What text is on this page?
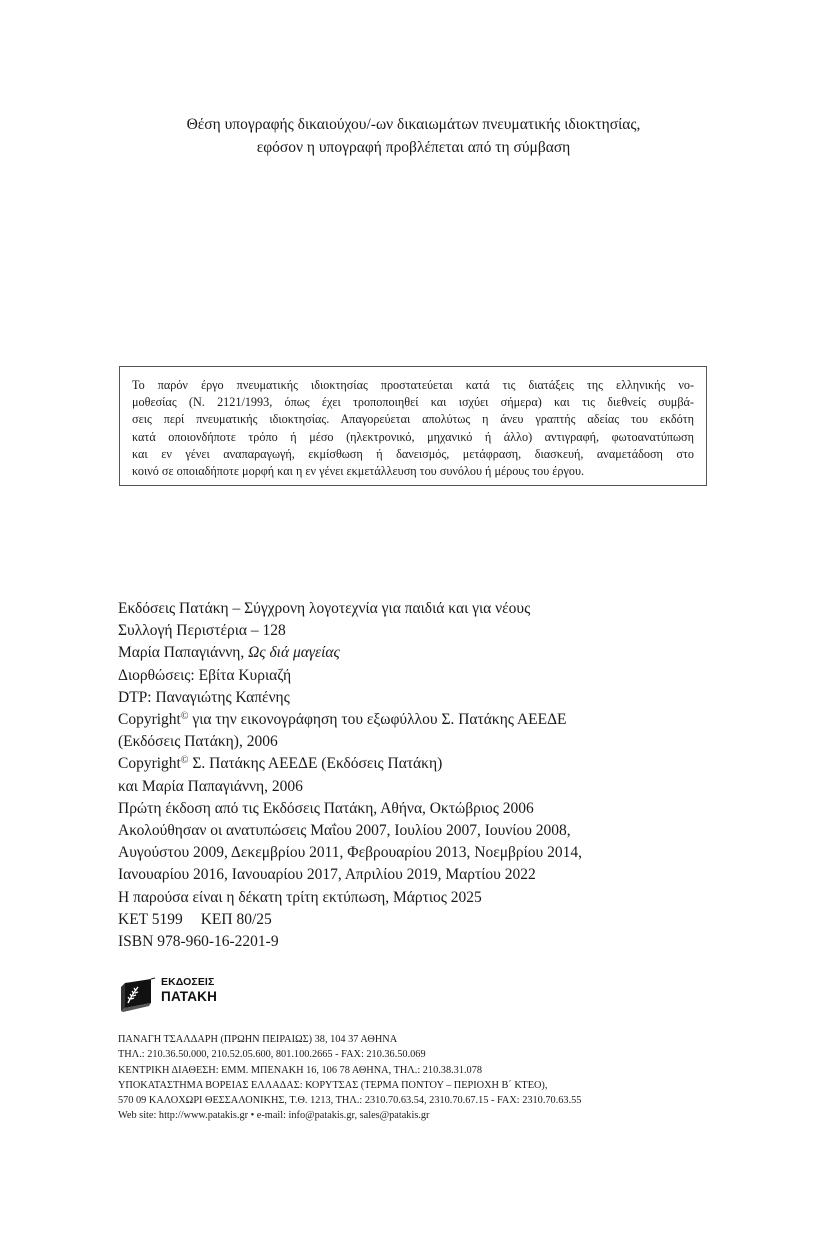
Θέση υπογραφής δικαιούχου/-ων δικαιωμάτων πνευματικής ιδιοκτησίας,
εφόσον η υπογραφή προβλέπεται από τη σύμβαση
Το παρόν έργο πνευματικής ιδιοκτησίας προστατεύεται κατά τις διατάξεις της ελληνικής νο-
μοθεσίας (Ν. 2121/1993, όπως έχει τροποποιηθεί και ισχύει σήμερα) και τις διεθνείς συμβά-
σεις περί πνευματικής ιδιοκτησίας. Απαγορεύεται απολύτως η άνευ γραπτής αδείας του εκδότη
κατά οποιονδήποτε τρόπο ή μέσο (ηλεκτρονικό, μηχανικό ή άλλο) αντιγραφή, φωτοανατύπωση
και εν γένει αναπαραγωγή, εκμίσθωση ή δανεισμός, μετάφραση, διασκευή, αναμετάδοση στο
κοινό σε οποιαδήποτε μορφή και η εν γένει εκμετάλλευση του συνόλου ή μέρους του έργου.
Εκδόσεις Πατάκη – Σύγχρονη λογοτεχνία για παιδιά και για νέους
Συλλογή Περιστέρια – 128
Μαρία Παπαγιάννη, Ως διά μαγείας
Διορθώσεις: Εβίτα Κυριαζή
DTP: Παναγιώτης Καπένης
Copyright© για την εικονογράφηση του εξωφύλλου Σ. Πατάκης ΑΕΕΔΕ
(Εκδόσεις Πατάκη), 2006
Copyright© Σ. Πατάκης ΑΕΕΔΕ (Εκδόσεις Πατάκη)
και Μαρία Παπαγιάννη, 2006
Πρώτη έκδοση από τις Εκδόσεις Πατάκη, Αθήνα, Οκτώβριος 2006
Ακολούθησαν οι ανατυπώσεις Μαΐου 2007, Ιουλίου 2007, Ιουνίου 2008,
Αυγούστου 2009, Δεκεμβρίου 2011, Φεβρουαρίου 2013, Νοεμβρίου 2014,
Ιανουαρίου 2016, Ιανουαρίου 2017, Απριλίου 2019, Μαρτίου 2022
Η παρούσα είναι η δέκατη τρίτη εκτύπωση, Μάρτιος 2025
ΚΕΤ 5199 ΚΕΠ 80/25
ISBN 978-960-16-2201-9
ΕΚΔΟΣΕΙΣ
ΠΑΤΑΚΗ
ΠΑΝΑΓΗ ΤΣΑΛΔΑΡΗ (ΠΡΩΗΝ ΠΕΙΡΑΙΩΣ) 38, 104 37 ΑΘΗΝΑ
ΤΗΛ.: 210.36.50.000, 210.52.05.600, 801.100.2665 - FAX: 210.36.50.069
ΚΕΝΤΡΙΚΗ ΔΙΑΘΕΣΗ: ΕΜΜ. ΜΠΕΝΑΚΗ 16, 106 78 ΑΘΗΝΑ, ΤΗΛ.: 210.38.31.078
ΥΠΟΚΑΤΑΣΤΗΜΑ ΒΟΡΕΙΑΣ ΕΛΛΑΔΑΣ: ΚΟΡΥΤΣΑΣ (ΤΕΡΜΑ ΠΟΝΤΟΥ – ΠΕΡΙΟΧΗ Β΄ ΚΤΕΟ),
570 09 ΚΑΛΟΧΩΡΙ ΘΕΣΣΑΛΟΝΙΚΗΣ, Τ.Θ. 1213, ΤΗΛ.: 2310.70.63.54, 2310.70.67.15 - FAX: 2310.70.63.55
Web site: http://www.patakis.gr • e-mail: info@patakis.gr, sales@patakis.gr
